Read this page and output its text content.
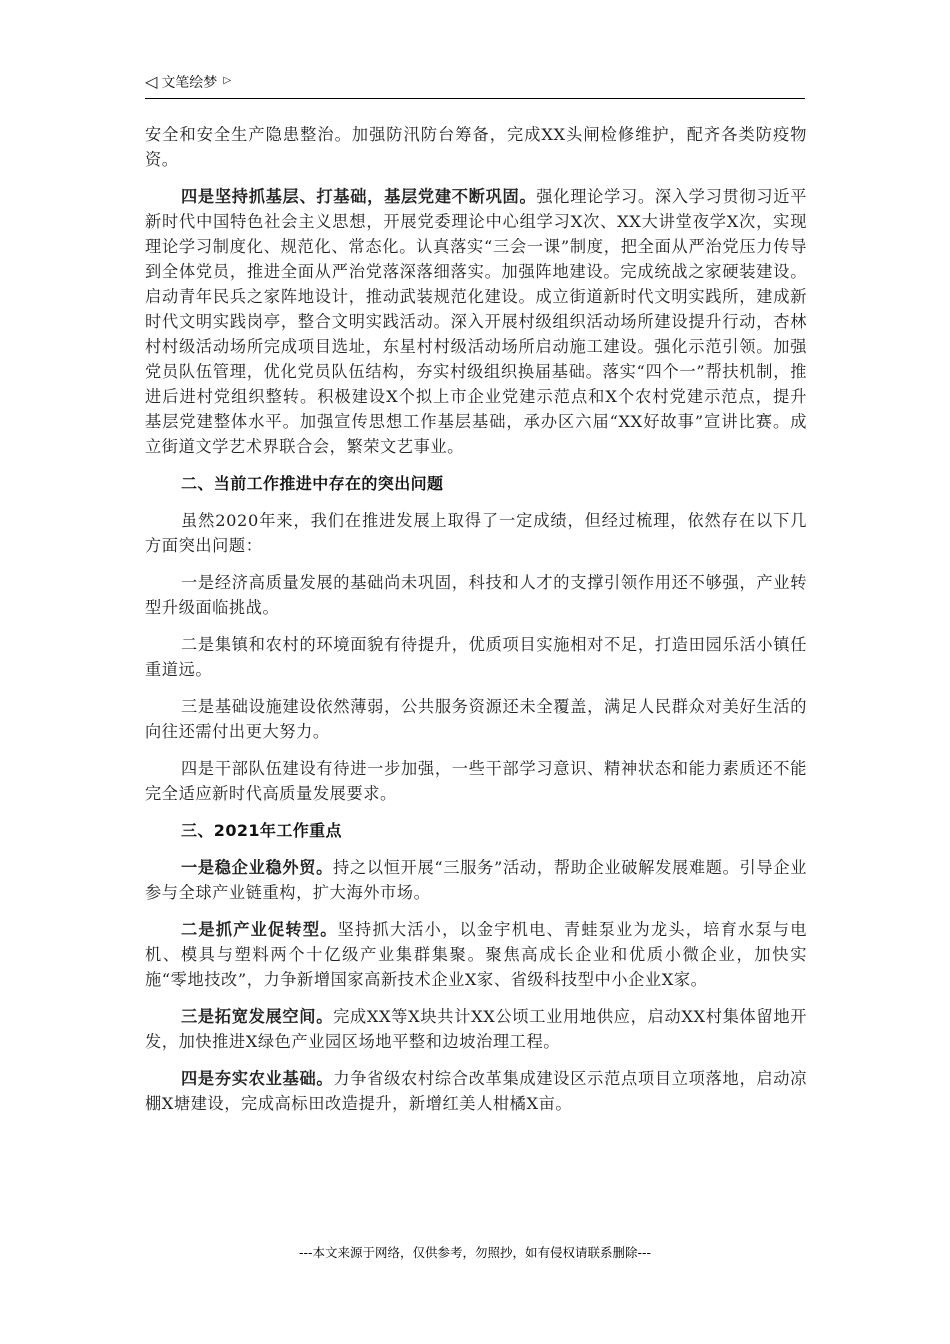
◁ 文笔绘梦 ▷

安全和安全生产隐患整治。加强防汛防台筹备，完成XX头闸检修维护，配齐各类防疫物资。

四是坚持抓基层、打基础，基层党建不断巩固。强化理论学习。深入学习贯彻习近平新时代中国特色社会主义思想，开展党委理论中心组学习X次、XX大讲堂夜学X次，实现理论学习制度化、规范化、常态化。认真落实“三会一课”制度，把全面从严治党压力传导到全体党员，推进全面从严治党落深落细落实。加强阵地建设。完成统战之家硬装建设。启动青年民兵之家阵地设计，推动武装规范化建设。成立街道新时代文明实践所，建成新时代文明实践岗亭，整合文明实践活动。深入开展村级组织活动场所建设提升行动，杏林村村级活动场所完成项目选址，东星村村级活动场所启动施工建设。强化示范引领。加强党员队伍管理，优化党员队伍结构，夯实村级组织换届基础。落实“四个一”帮扶机制，推进后进村党组织整转。积极建设X个拟上市企业党建示范点和X个农村党建示范点，提升基层党建整体水平。加强宣传思想工作基层基础，承办区六届“XX好故事”宣讲比赛。成立街道文学艺术界联合会，繁荣文艺事业。

二、当前工作推进中存在的突出问题

虽然2020年来，我们在推进发展上取得了一定成绩，但经过梳理，依然存在以下几方面突出问题：

一是经济高质量发展的基础尚未巩固，科技和人才的支撑引领作用还不够强，产业转型升级面临挑战。

二是集镇和农村的环境面貌有待提升，优质项目实施相对不足，打造田园乐活小镇任重道远。

三是基础设施建设依然薄弱，公共服务资源还未全覆盖，满足人民群众对美好生活的向往还需付出更大努力。

四是干部队伍建设有待进一步加强，一些干部学习意识、精神状态和能力素质还不能完全适应新时代高质量发展要求。

三、2021年工作重点

一是稳企业稳外贸。持之以恒开展“三服务”活动，帮助企业破解发展难题。引导企业参与全球产业链重构，扩大海外市场。

二是抓产业促转型。坚持抓大活小，以金宇机电、青蛙泵业为龙头，培育水泵与电机、模具与塑料两个十亿级产业集群集聚。聚焦高成长企业和优质小微企业，加快实施“零地技改”，力争新增国家高新技术企业X家、省级科技型中小企业X家。

三是拓宽发展空间。完成XX等X块共计XX公顷工业用地供应，启动XX村集体留地开发，加快推进X绿色产业园区场地平整和边坡治理工程。

四是夯实农业基础。力争省级农村综合改革集成建设区示范点项目立项落地，启动凉棚X塘建设，完成高标田改造提升，新增红美人柑橘X亩。

---本文来源于网络，仅供参考，勿照抄，如有侵权请联系删除---
